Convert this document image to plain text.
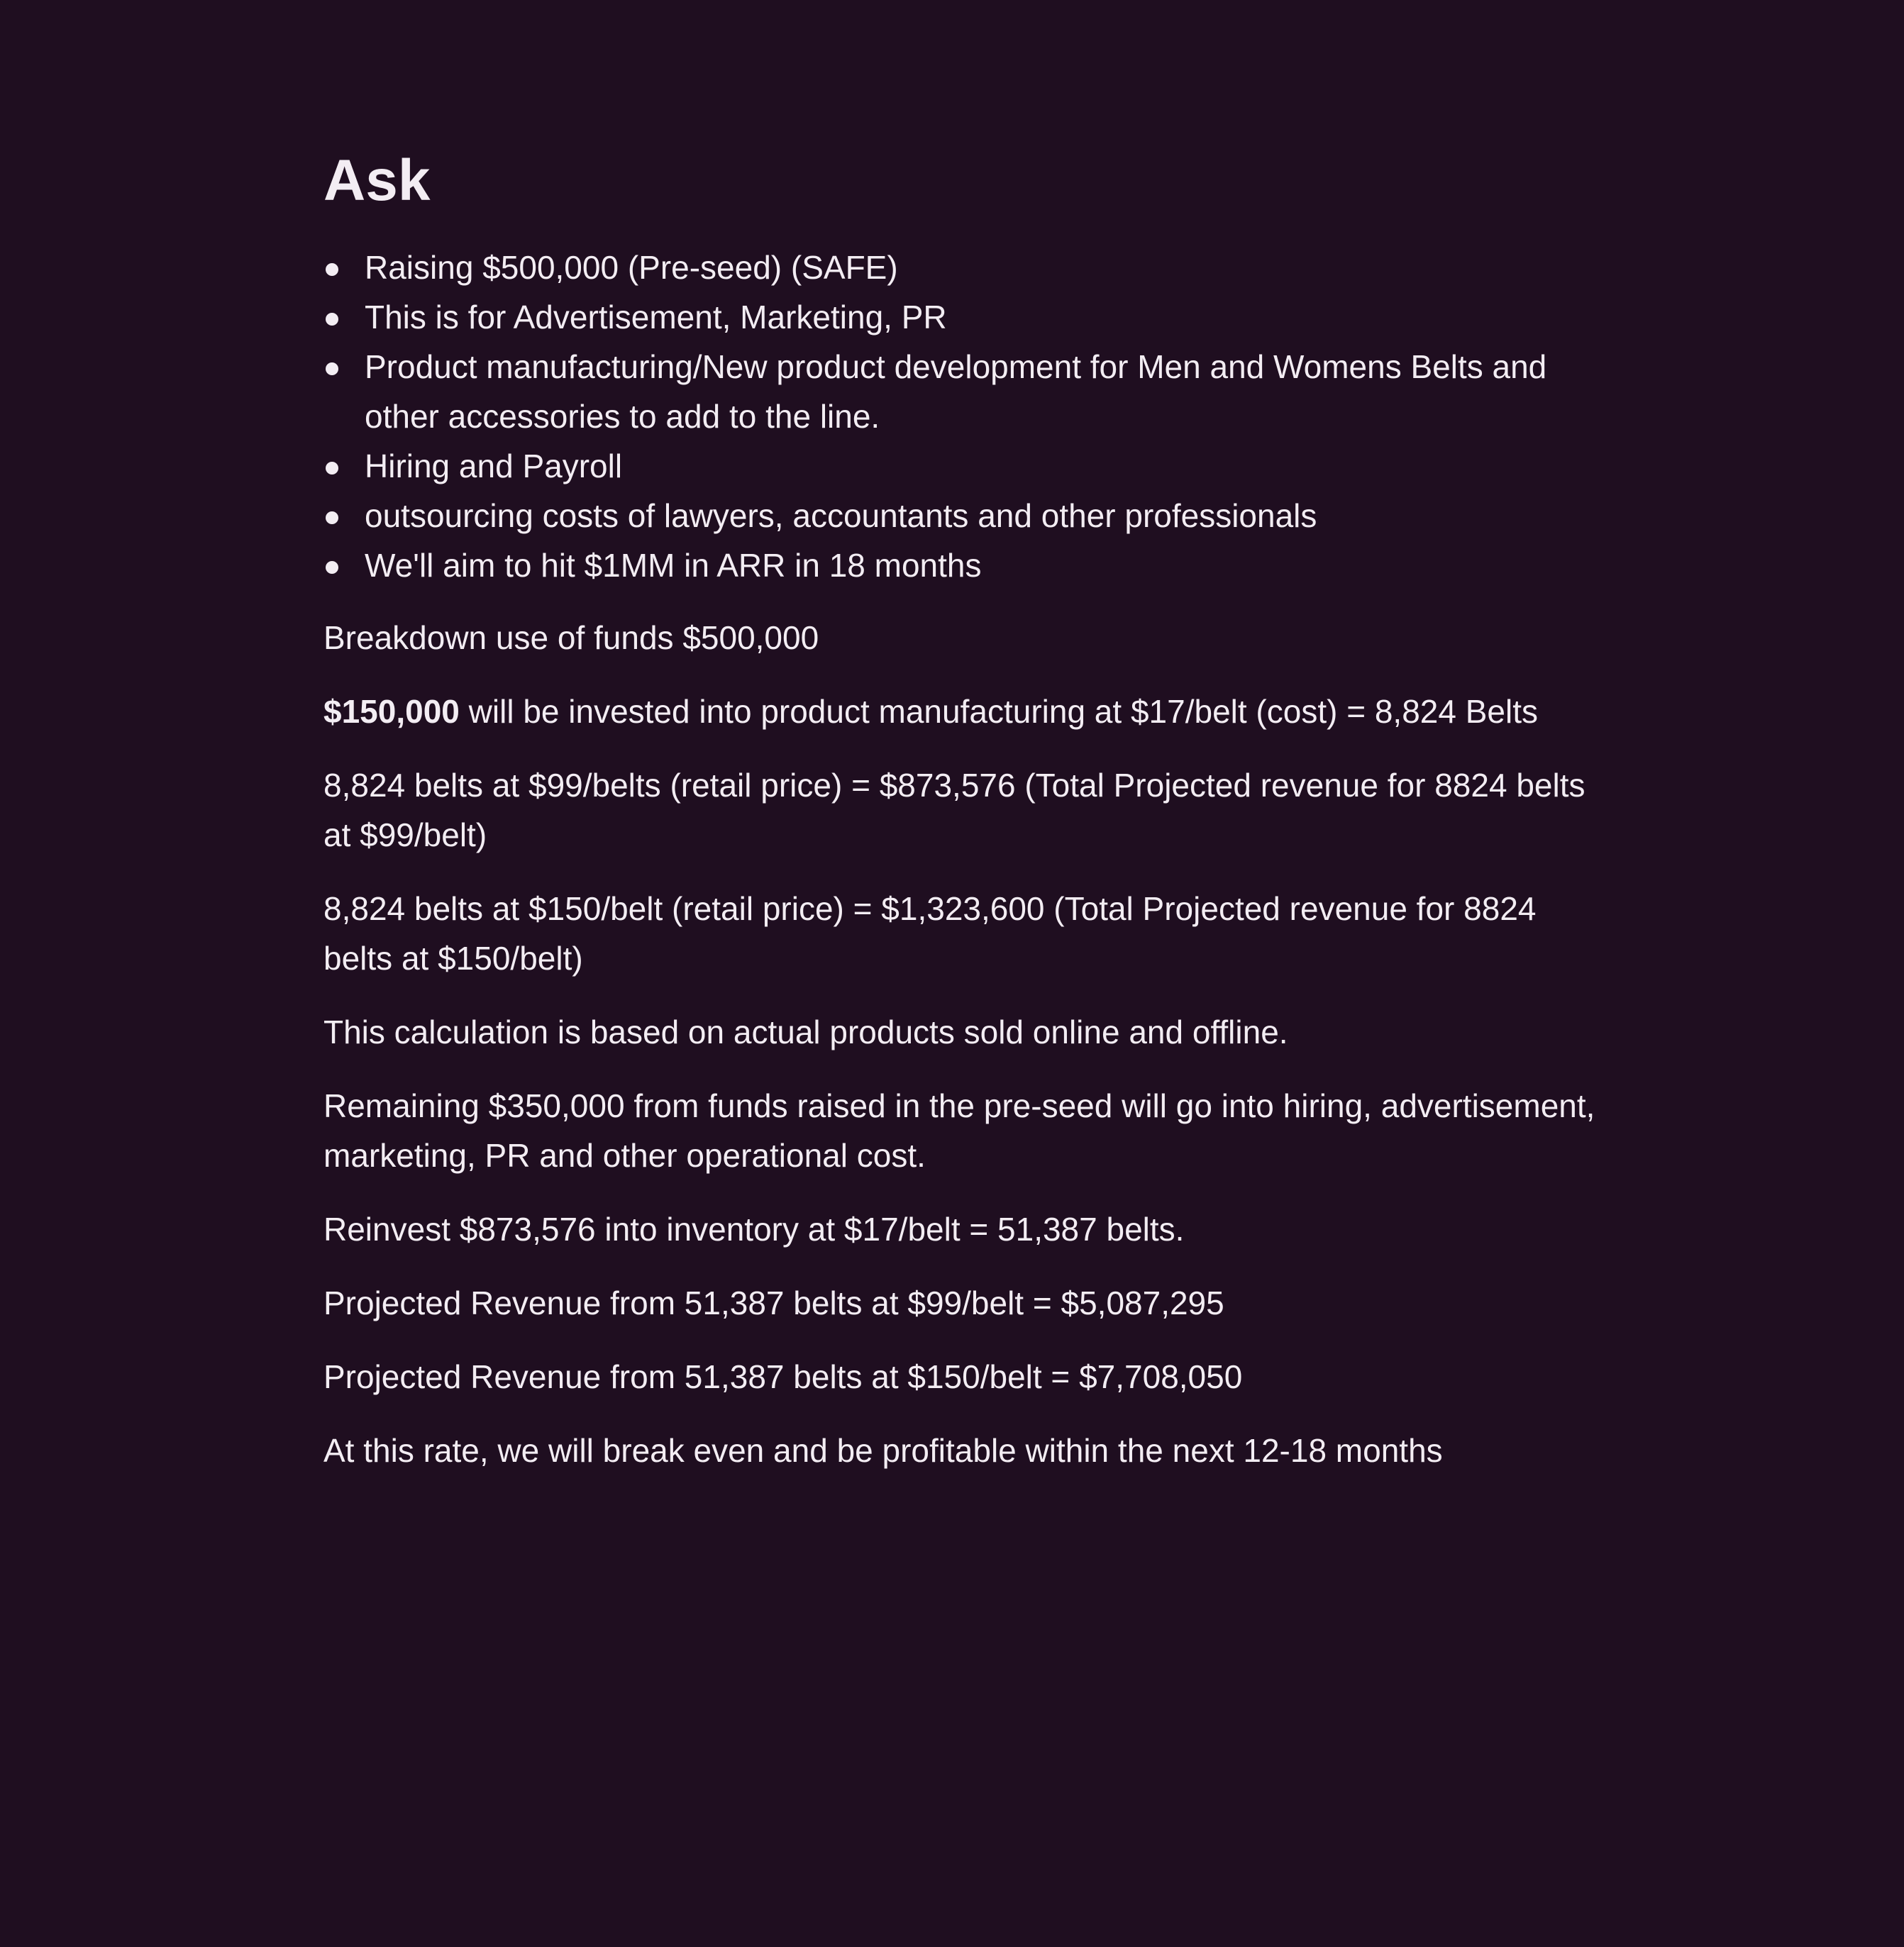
Ask
Raising $500,000 (Pre-seed) (SAFE)
This is for Advertisement, Marketing, PR
Product manufacturing/New product development for Men and Womens Belts and other accessories to add to the line.
Hiring and Payroll
outsourcing costs of lawyers, accountants and other professionals
We'll aim to hit $1MM in ARR in 18 months

Breakdown use of funds $500,000

$150,000 will be invested into product manufacturing at $17/belt (cost) = 8,824 Belts

8,824 belts at $99/belts (retail price) = $873,576 (Total Projected revenue for 8824 belts at $99/belt)

8,824 belts at $150/belt (retail price) = $1,323,600 (Total Projected revenue for 8824 belts at $150/belt)

This calculation is based on actual products sold online and offline.

Remaining $350,000 from funds raised in the pre-seed will go into hiring, advertisement, marketing, PR and other operational cost.

Reinvest $873,576 into inventory at $17/belt = 51,387 belts.

Projected Revenue from 51,387 belts at $99/belt = $5,087,295

Projected Revenue from 51,387 belts at $150/belt = $7,708,050

At this rate, we will break even and be profitable within the next 12-18 months
